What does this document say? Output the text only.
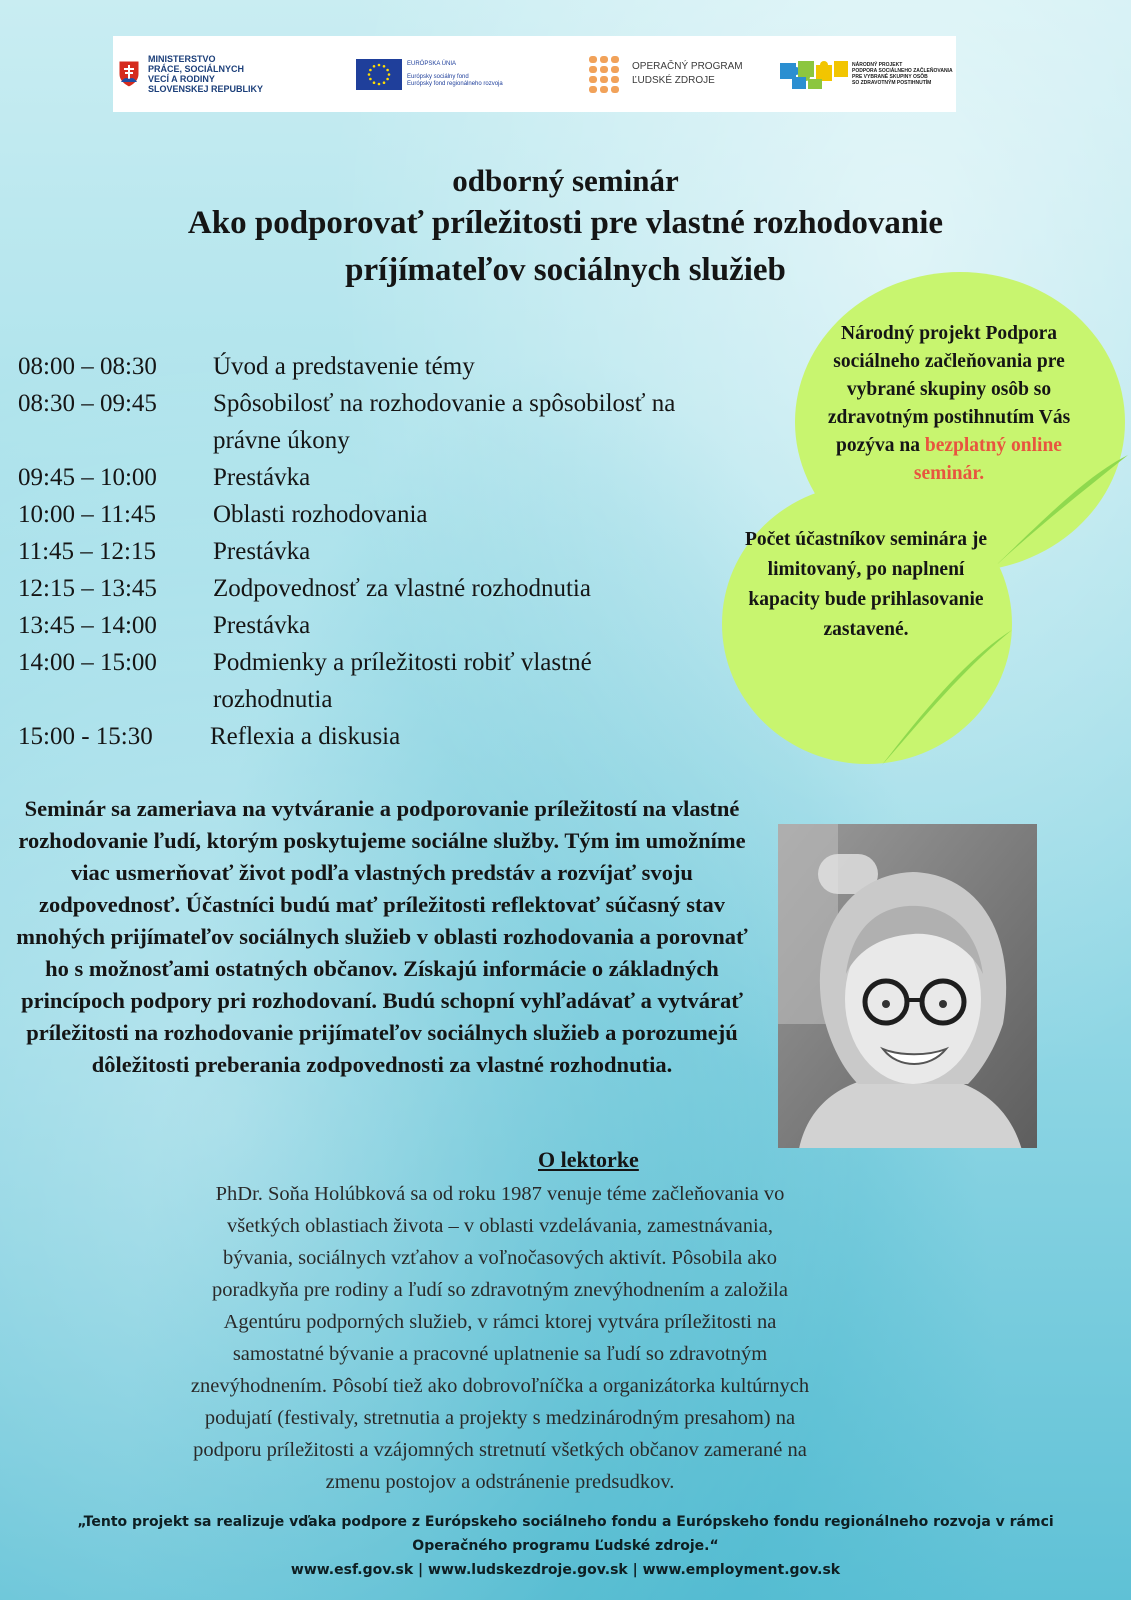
MINISTERSTVO
PRÁCE, SOCIÁLNYCH
VECÍ A RODINY
SLOVENSKEJ REPUBLIKY
EURÓPSKA ÚNIA
Európsky sociálny fond
Európsky fond regionálneho rozvoja
OPERAČNÝ PROGRAM
ĽUDSKÉ ZDROJE
NÁRODNÝ PROJEKT
PODPORA SOCIÁLNEHO ZAČLEŇOVANIA
PRE VYBRANÉ SKUPINY OSÔB
SO ZDRAVOTNÝM POSTIHNUTÍM
odborný seminár
Ako podporovať príležitosti pre vlastné rozhodovanie
príjímateľov sociálnych služieb
Národný projekt Podpora sociálneho začleňovania pre vybrané skupiny osôb so zdravotným postihnutím Vás pozýva na bezplatný online seminár.
Počet účastníkov seminára je limitovaný, po naplnení kapacity bude prihlasovanie zastavené.
08:00 – 08:30	Úvod a predstavenie témy
08:30 – 09:45	Spôsobilosť na rozhodovanie a spôsobilosť na právne úkony
09:45 – 10:00	Prestávka
10:00 – 11:45	Oblasti rozhodovania
11:45 – 12:15	Prestávka
12:15 – 13:45	Zodpovednosť za vlastné rozhodnutia
13:45 – 14:00	Prestávka
14:00 – 15:00	Podmienky a príležitosti robiť vlastné rozhodnutia
15:00 - 15:30	Reflexia a diskusia
Seminár sa zameriava na vytváranie a podporovanie príležitostí na vlastné rozhodovanie ľudí, ktorým poskytujeme sociálne služby. Tým im umožníme viac usmerňovať život podľa vlastných predstáv a rozvíjať svoju zodpovednosť. Účastníci budú mať príležitosti reflektovať súčasný stav mnohých prijímateľov sociálnych služieb v oblasti rozhodovania a porovnať ho s možnosťami ostatných občanov. Získajú informácie o základných princípoch podpory pri rozhodovaní. Budú schopní vyhľadávať a vytvárať príležitosti na rozhodovanie prijímateľov sociálnych služieb a porozumejú dôležitosti preberania zodpovednosti za vlastné rozhodnutia.
O lektorke
PhDr. Soňa Holúbková sa od roku 1987 venuje téme začleňovania vo všetkých oblastiach života – v oblasti vzdelávania, zamestnávania, bývania, sociálnych vzťahov a voľnočasových aktivít. Pôsobila ako poradkyňa pre rodiny a ľudí so zdravotným znevýhodnením a založila Agentúru podporných služieb, v rámci ktorej vytvára príležitosti na samostatné bývanie a pracovné uplatnenie sa ľudí so zdravotným znevýhodnením. Pôsobí tiež ako dobrovoľníčka a organizátorka kultúrnych podujatí (festivaly, stretnutia a projekty s medzinárodným presahom) na podporu príležitosti a vzájomných stretnutí všetkých občanov zamerané na zmenu postojov a odstránenie predsudkov.
„Tento projekt sa realizuje vďaka podpore z Európskeho sociálneho fondu a Európskeho fondu regionálneho rozvoja v rámci
Operačného programu Ľudské zdroje.“
www.esf.gov.sk | www.ludskezdroje.gov.sk | www.employment.gov.sk
